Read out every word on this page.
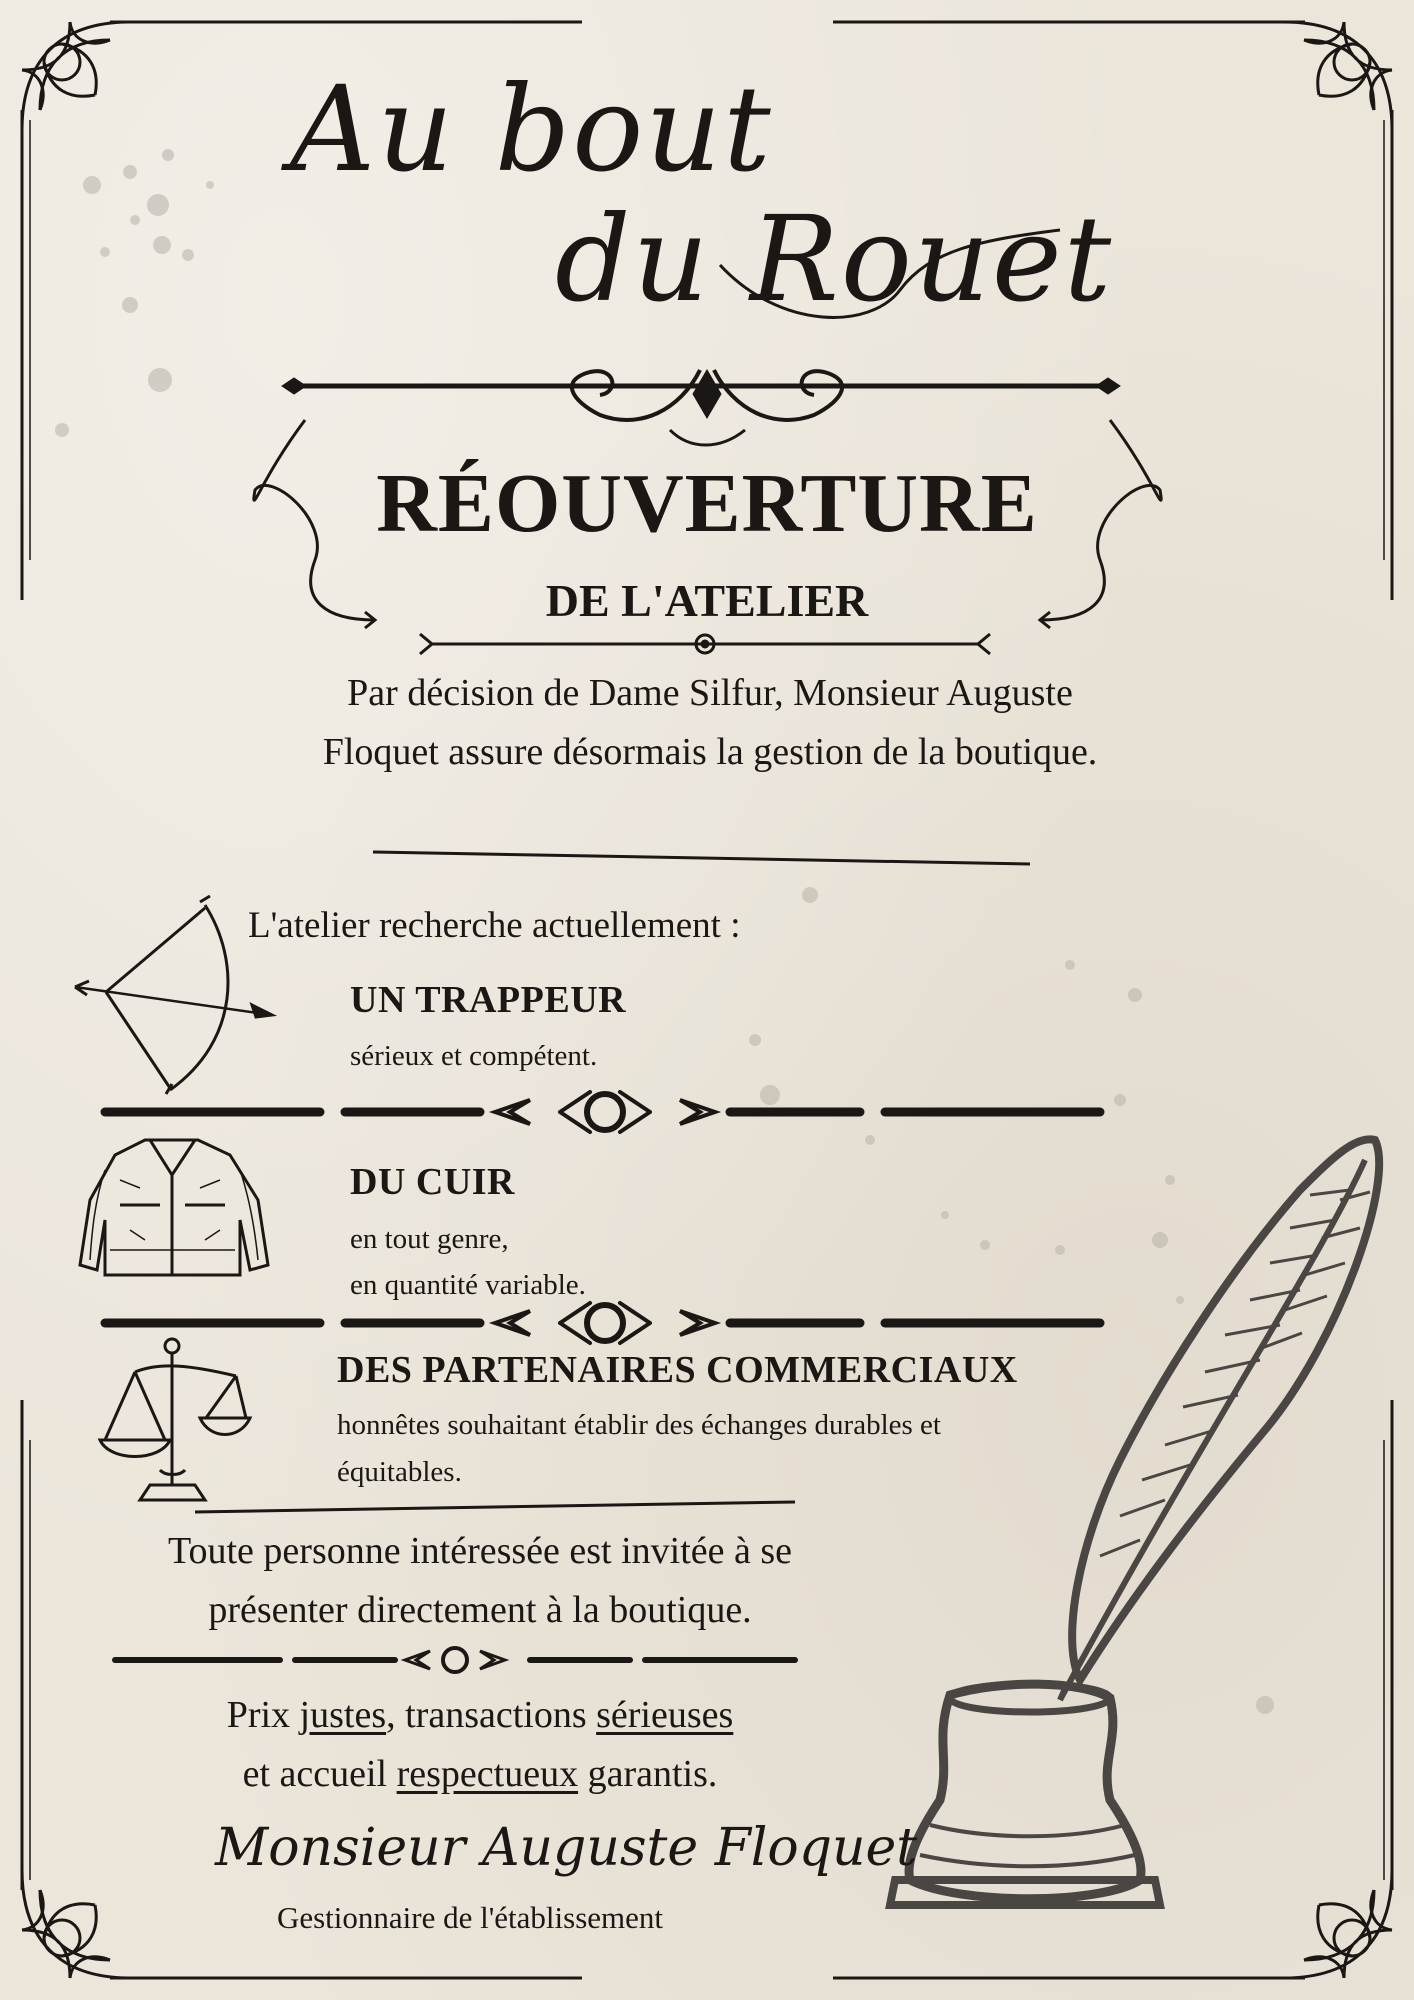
Au bout
du Rouet
RÉOUVERTURE
DE L'ATELIER
Par décision de Dame Silfur, Monsieur Auguste Floquet assure désormais la gestion de la boutique.
L'atelier recherche actuellement :
UN TRAPPEUR
sérieux et compétent.
DU CUIR
en tout genre,
en quantité variable.
DES PARTENAIRES COMMERCIAUX
honnêtes souhaitant établir des échanges durables et
équitables.
Toute personne intéressée est invitée à se présenter directement à la boutique.
Prix justes, transactions sérieuses
et accueil respectueux garantis.
Monsieur Auguste Floquet
Gestionnaire de l'établissement
